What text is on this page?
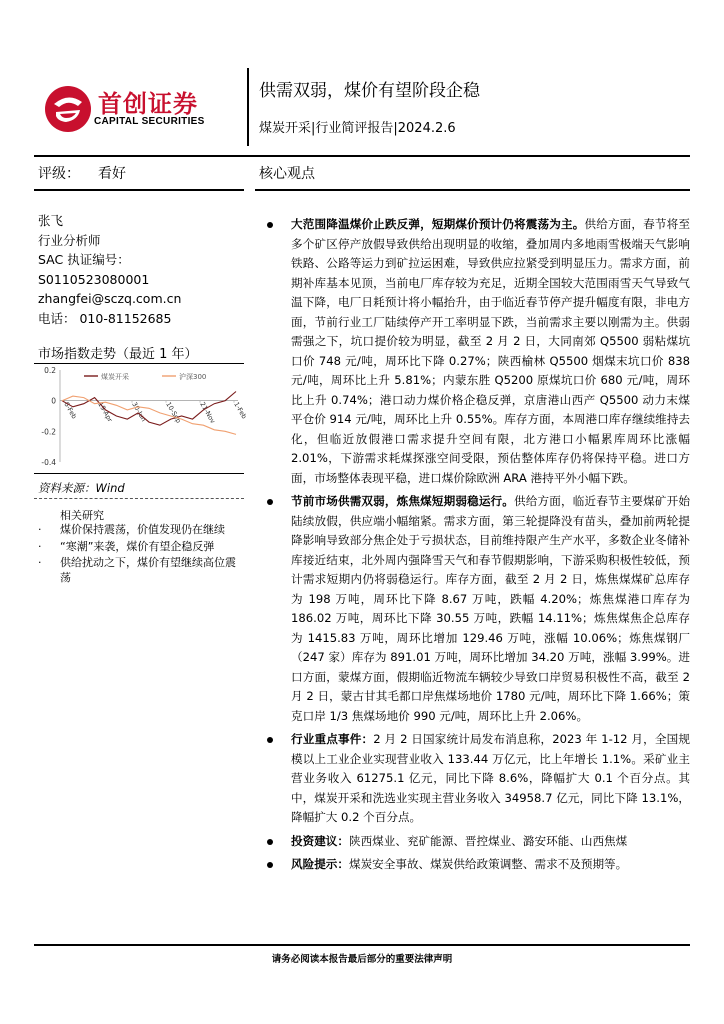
首创证券
CAPITAL SECURITIES
供需双弱，煤价有望阶段企稳
煤炭开采|行业简评报告|2024.2.6
评级： 看好	核心观点
张飞
行业分析师
SAC 执证编号：
S0110523080001
zhangfei@sczq.com.cn
电话： 010-81152685
市场指数走势（最近 1 年）
0.2
0
-0.2
-0.4
6-Feb	19-Apr 30-Jun	10-Sep 21-Nov 1-Feb
煤炭开采	沪深300
资料来源：Wind
相关研究
· 煤价保持震荡，价值发现仍在继续
· “寒潮”来袭，煤价有望企稳反弹
· 供给扰动之下，煤价有望继续高位震荡
大范围降温煤价止跌反弹，短期煤价预计仍将震荡为主。供给方面，春节将至多个矿区停产放假导致供给出现明显的收缩，叠加周内多地雨雪极端天气影响铁路、公路等运力到矿拉运困难，导致供应拉紧受到明显压力。需求方面，前期补库基本见顶，当前电厂库存较为充足，近期全国较大范围雨雪天气导致气温下降，电厂日耗预计将小幅抬升，由于临近春节停产提升幅度有限，非电方面，节前行业工厂陆续停产开工率明显下跌，当前需求主要以刚需为主。供弱需强之下，坑口提价较为明显，截至 2 月 2 日，大同南郊 Q5500 弱粘煤坑口价 748 元/吨，周环比下降 0.27%；陕西榆林 Q5500 烟煤末坑口价 838 元/吨，周环比上升 5.81%；内蒙东胜 Q5200 原煤坑口价 680 元/吨，周环比上升 0.74%；港口动力煤价格企稳反弹，京唐港山西产 Q5500 动力末煤平仓价 914 元/吨，周环比上升 0.55%。库存方面，本周港口库存继续维持去化，但临近放假港口需求提升空间有限，北方港口小幅累库周环比涨幅 2.01%，下游需求耗煤探涨空间受限，预估整体库存仍将保持平稳。进口方面，市场整体表现平稳，进口煤价除欧洲 ARA 港持平外小幅下跌。
节前市场供需双弱，炼焦煤短期弱稳运行。供给方面，临近春节主要煤矿开始陆续放假，供应端小幅缩紧。需求方面，第三轮提降没有苗头，叠加前两轮提降影响导致部分焦企处于亏损状态，目前维持限产生产水平，多数企业冬储补库接近结束，北外周内强降雪天气和春节假期影响，下游采购积极性较低，预计需求短期内仍将弱稳运行。库存方面，截至 2 月 2 日，炼焦煤煤矿总库存为 198 万吨，周环比下降 8.67 万吨，跌幅 4.20%；炼焦煤港口库存为 186.02 万吨，周环比下降 30.55 万吨，跌幅 14.11%；炼焦煤焦企总库存为 1415.83 万吨，周环比增加 129.46 万吨，涨幅 10.06%；炼焦煤钢厂（247 家）库存为 891.01 万吨，周环比增加 34.20 万吨，涨幅 3.99%。进口方面，蒙煤方面，假期临近物流车辆较少导致口岸贸易积极性不高，截至 2 月 2 日，蒙古甘其毛都口岸焦煤场地价 1780 元/吨，周环比下降 1.66%；策克口岸 1/3 焦煤场地价 990 元/吨，周环比上升 2.06%。
行业重点事件：2 月 2 日国家统计局发布消息称，2023 年 1-12 月，全国规模以上工业企业实现营业收入 133.44 万亿元，比上年增长 1.1%。采矿业主营业务收入 61275.1 亿元，同比下降 8.6%，降幅扩大 0.1 个百分点。其中，煤炭开采和洗选业实现主营业务收入 34958.7 亿元，同比下降 13.1%，降幅扩大 0.2 个百分点。
投资建议：陕西煤业、兖矿能源、晋控煤业、潞安环能、山西焦煤
风险提示：煤炭安全事故、煤炭供给政策调整、需求不及预期等。
请务必阅读本报告最后部分的重要法律声明
